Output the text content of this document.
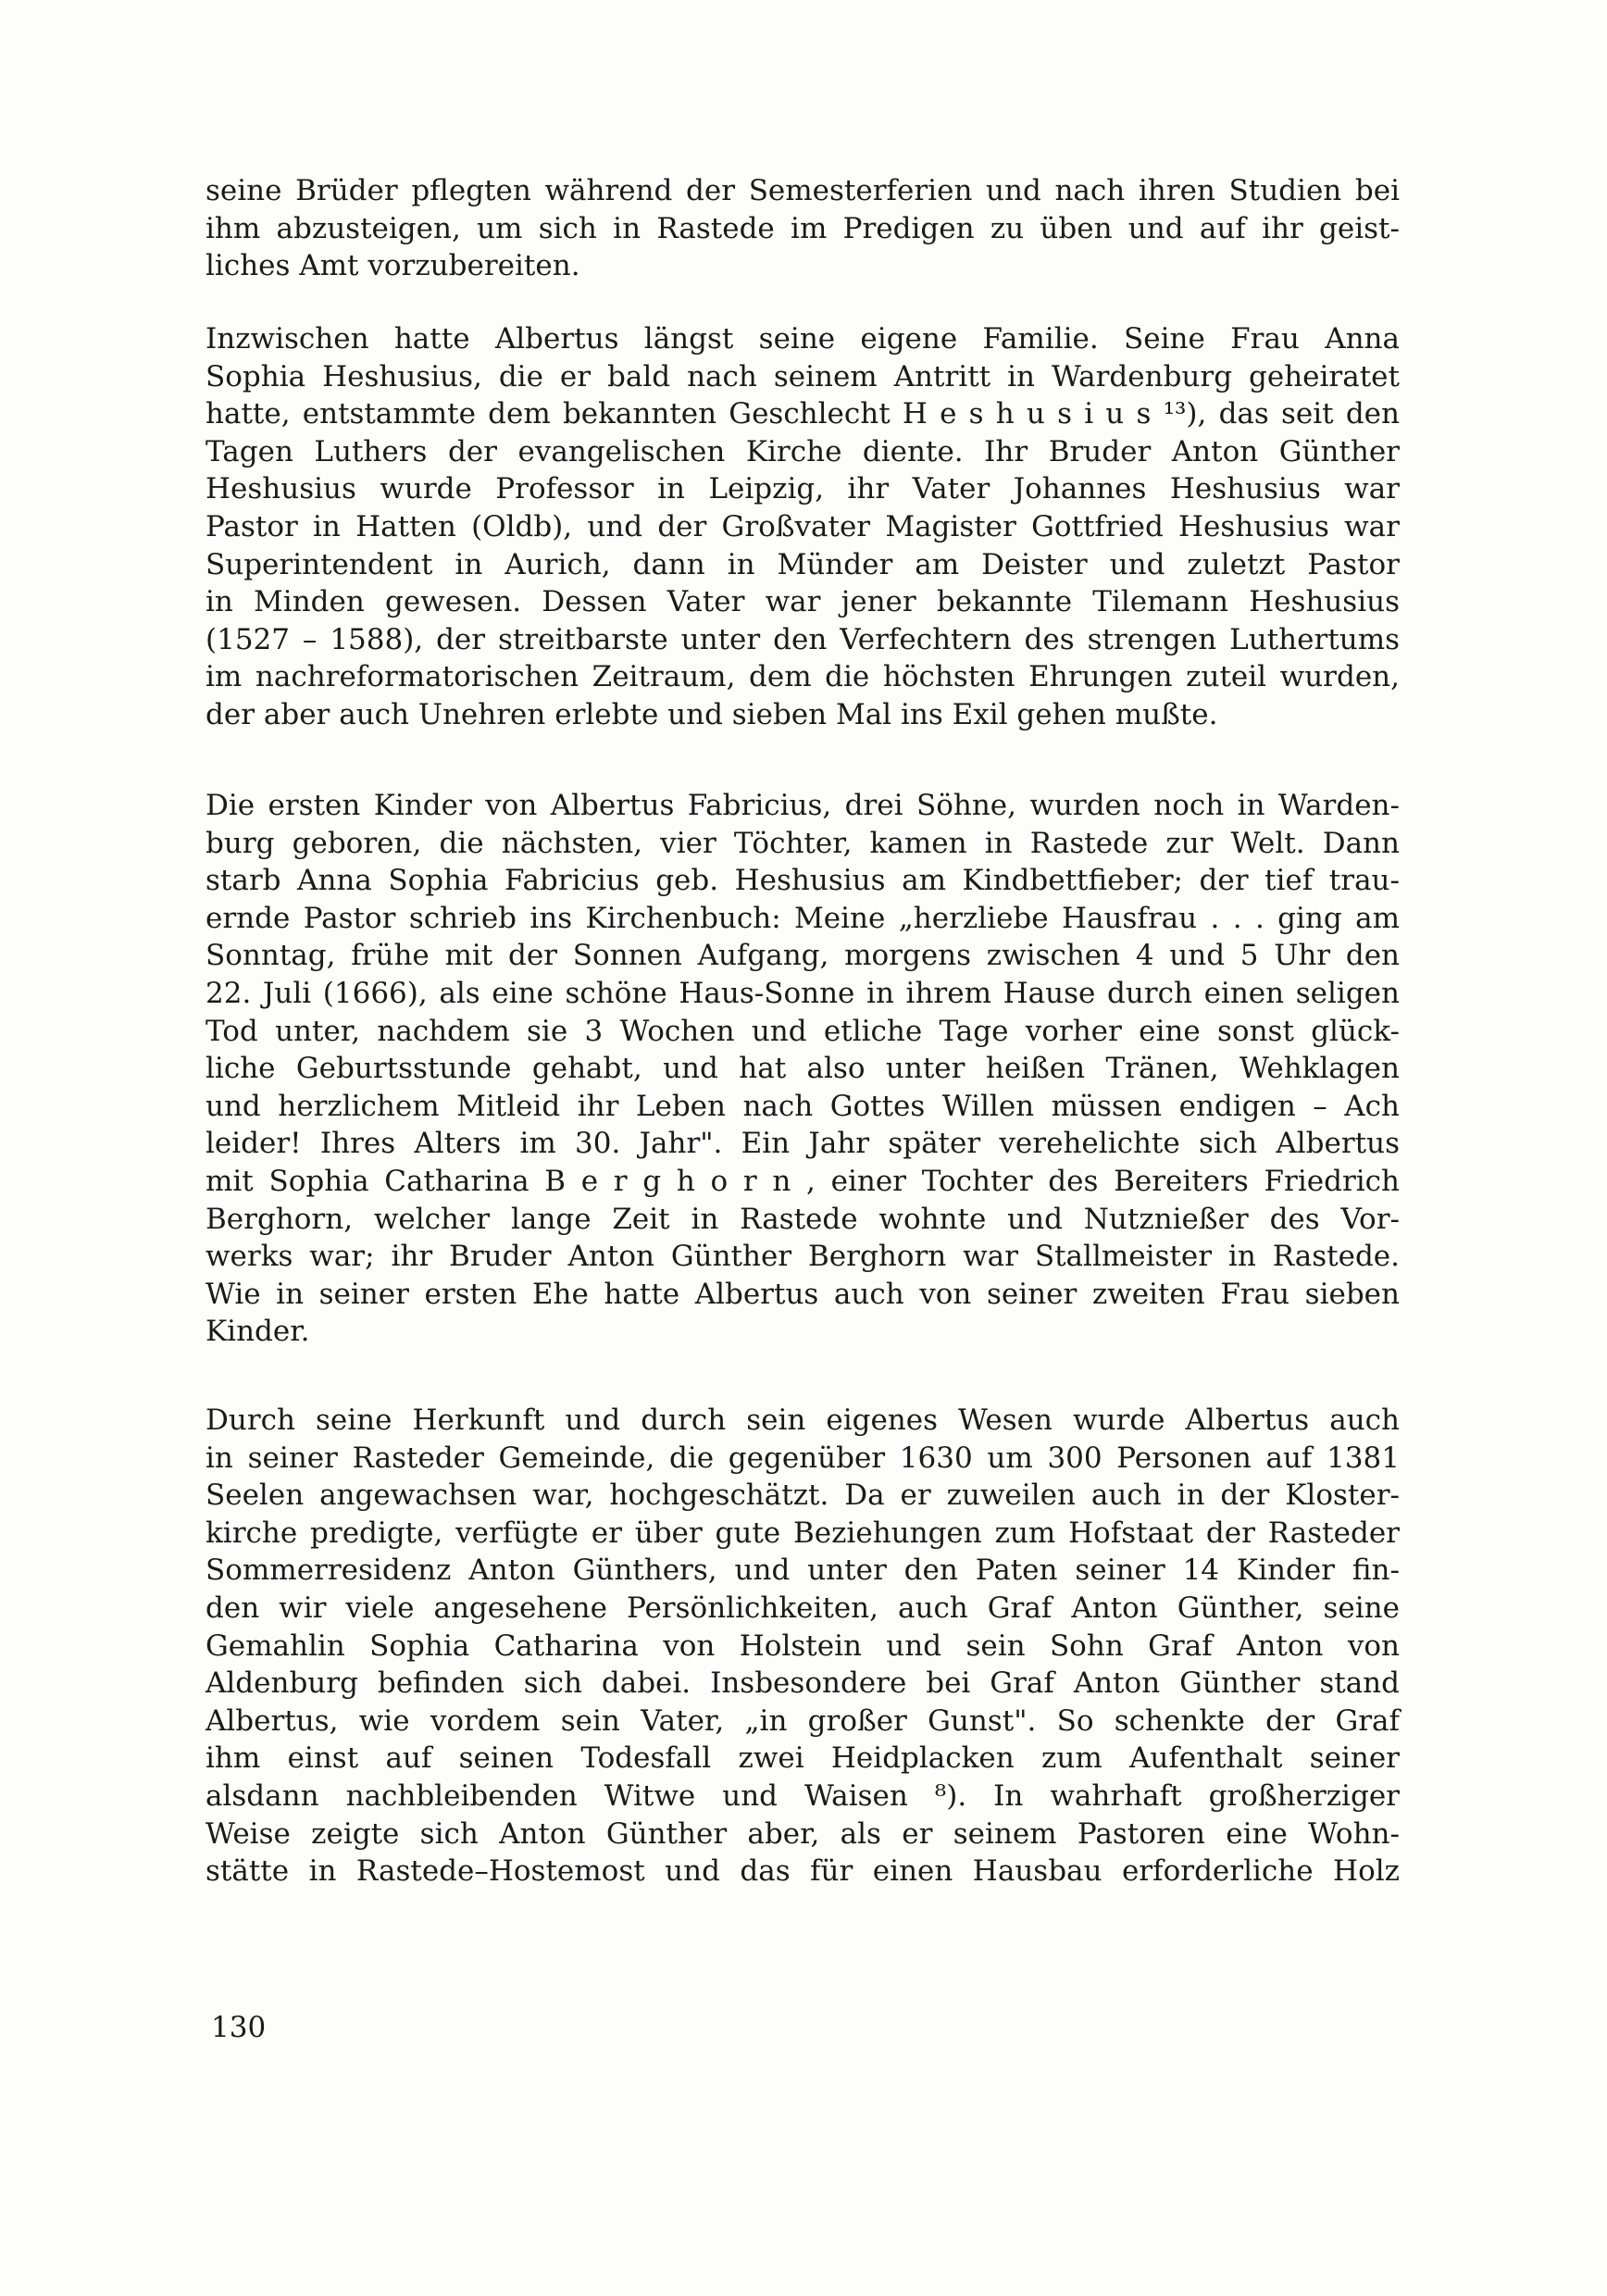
seine Brüder pflegten während der Semesterferien und nach ihren Studien bei
ihm abzusteigen, um sich in Rastede im Predigen zu üben und auf ihr geist-
liches Amt vorzubereiten.
Inzwischen hatte Albertus längst seine eigene Familie. Seine Frau Anna
Sophia Heshusius, die er bald nach seinem Antritt in Wardenburg geheiratet
hatte, entstammte dem bekannten Geschlecht H e s h u s i u s ¹³), das seit den
Tagen Luthers der evangelischen Kirche diente. Ihr Bruder Anton Günther
Heshusius wurde Professor in Leipzig, ihr Vater Johannes Heshusius war
Pastor in Hatten (Oldb), und der Großvater Magister Gottfried Heshusius war
Superintendent in Aurich, dann in Münder am Deister und zuletzt Pastor
in Minden gewesen. Dessen Vater war jener bekannte Tilemann Heshusius
(1527 – 1588), der streitbarste unter den Verfechtern des strengen Luthertums
im nachreformatorischen Zeitraum, dem die höchsten Ehrungen zuteil wurden,
der aber auch Unehren erlebte und sieben Mal ins Exil gehen mußte.
Die ersten Kinder von Albertus Fabricius, drei Söhne, wurden noch in Warden-
burg geboren, die nächsten, vier Töchter, kamen in Rastede zur Welt. Dann
starb Anna Sophia Fabricius geb. Heshusius am Kindbettfieber; der tief trau-
ernde Pastor schrieb ins Kirchenbuch: Meine „herzliebe Hausfrau . . . ging am
Sonntag, frühe mit der Sonnen Aufgang, morgens zwischen 4 und 5 Uhr den
22. Juli (1666), als eine schöne Haus-Sonne in ihrem Hause durch einen seligen
Tod unter, nachdem sie 3 Wochen und etliche Tage vorher eine sonst glück-
liche Geburtsstunde gehabt, und hat also unter heißen Tränen, Wehklagen
und herzlichem Mitleid ihr Leben nach Gottes Willen müssen endigen – Ach
leider! Ihres Alters im 30. Jahr". Ein Jahr später verehelichte sich Albertus
mit Sophia Catharina B e r g h o r n , einer Tochter des Bereiters Friedrich
Berghorn, welcher lange Zeit in Rastede wohnte und Nutznießer des Vor-
werks war; ihr Bruder Anton Günther Berghorn war Stallmeister in Rastede.
Wie in seiner ersten Ehe hatte Albertus auch von seiner zweiten Frau sieben
Kinder.
Durch seine Herkunft und durch sein eigenes Wesen wurde Albertus auch
in seiner Rasteder Gemeinde, die gegenüber 1630 um 300 Personen auf 1381
Seelen angewachsen war, hochgeschätzt. Da er zuweilen auch in der Kloster-
kirche predigte, verfügte er über gute Beziehungen zum Hofstaat der Rasteder
Sommerresidenz Anton Günthers, und unter den Paten seiner 14 Kinder fin-
den wir viele angesehene Persönlichkeiten, auch Graf Anton Günther, seine
Gemahlin Sophia Catharina von Holstein und sein Sohn Graf Anton von
Aldenburg befinden sich dabei. Insbesondere bei Graf Anton Günther stand
Albertus, wie vordem sein Vater, „in großer Gunst". So schenkte der Graf
ihm einst auf seinen Todesfall zwei Heidplacken zum Aufenthalt seiner
alsdann nachbleibenden Witwe und Waisen ⁸). In wahrhaft großherziger
Weise zeigte sich Anton Günther aber, als er seinem Pastoren eine Wohn-
stätte in Rastede–Hostemost und das für einen Hausbau erforderliche Holz
130
